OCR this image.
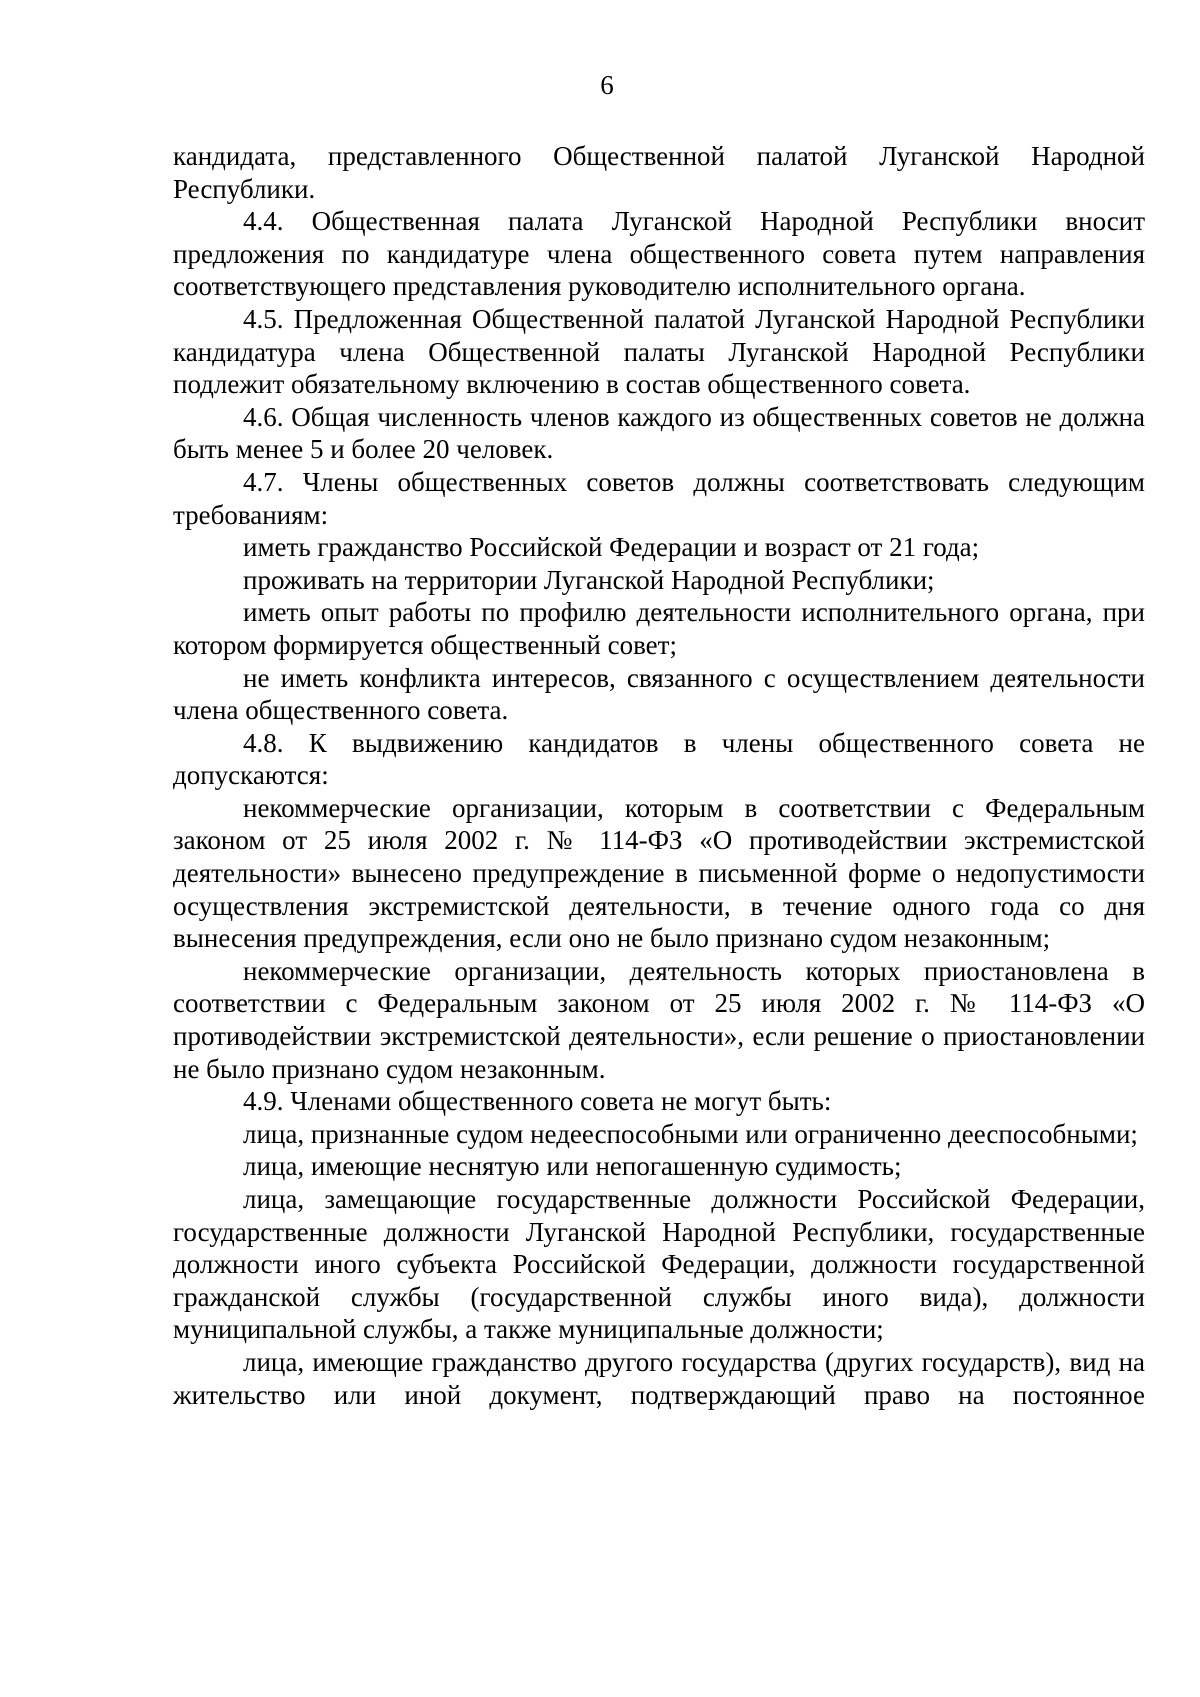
6

кандидата, представленного Общественной палатой Луганской Народной Республики.

4.4. Общественная палата Луганской Народной Республики вносит предложения по кандидатуре члена общественного совета путем направления соответствующего представления руководителю исполнительного органа.

4.5. Предложенная Общественной палатой Луганской Народной Республики кандидатура члена Общественной палаты Луганской Народной Республики подлежит обязательному включению в состав общественного совета.

4.6. Общая численность членов каждого из общественных советов не должна быть менее 5 и более 20 человек.

4.7. Члены общественных советов должны соответствовать следующим требованиям:

иметь гражданство Российской Федерации и возраст от 21 года;

проживать на территории Луганской Народной Республики;

иметь опыт работы по профилю деятельности исполнительного органа, при котором формируется общественный совет;

не иметь конфликта интересов, связанного с осуществлением деятельности члена общественного совета.

4.8. К выдвижению кандидатов в члены общественного совета не допускаются:

некоммерческие организации, которым в соответствии с Федеральным законом от 25 июля 2002 г. № 114-ФЗ «О противодействии экстремистской деятельности» вынесено предупреждение в письменной форме о недопустимости осуществления экстремистской деятельности, в течение одного года со дня вынесения предупреждения, если оно не было признано судом незаконным;

некоммерческие организации, деятельность которых приостановлена в соответствии с Федеральным законом от 25 июля 2002 г. № 114-ФЗ «О противодействии экстремистской деятельности», если решение о приостановлении не было признано судом незаконным.

4.9. Членами общественного совета не могут быть:

лица, признанные судом недееспособными или ограниченно дееспособными;

лица, имеющие неснятую или непогашенную судимость;

лица, замещающие государственные должности Российской Федерации, государственные должности Луганской Народной Республики, государственные должности иного субъекта Российской Федерации, должности государственной гражданской службы (государственной службы иного вида), должности муниципальной службы, а также муниципальные должности;

лица, имеющие гражданство другого государства (других государств), вид на жительство или иной документ, подтверждающий право на постоянное
